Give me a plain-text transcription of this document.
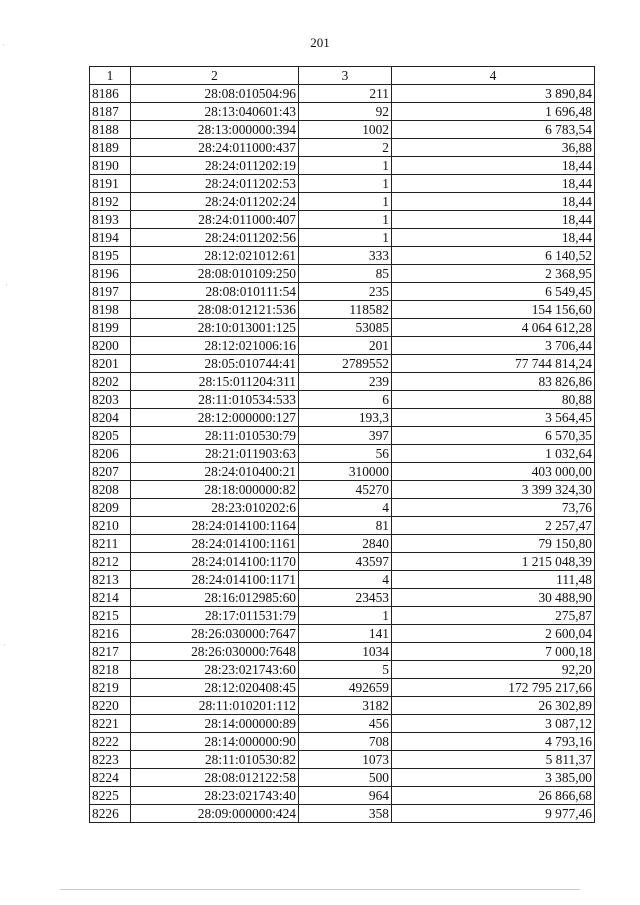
201
1	2	3	4
8186	28:08:010504:96	211	3 890,84
8187	28:13:040601:43	92	1 696,48
8188	28:13:000000:394	1002	6 783,54
8189	28:24:011000:437	2	36,88
8190	28:24:011202:19	1	18,44
8191	28:24:011202:53	1	18,44
8192	28:24:011202:24	1	18,44
8193	28:24:011000:407	1	18,44
8194	28:24:011202:56	1	18,44
8195	28:12:021012:61	333	6 140,52
8196	28:08:010109:250	85	2 368,95
8197	28:08:010111:54	235	6 549,45
8198	28:08:012121:536	118582	154 156,60
8199	28:10:013001:125	53085	4 064 612,28
8200	28:12:021006:16	201	3 706,44
8201	28:05:010744:41	2789552	77 744 814,24
8202	28:15:011204:311	239	83 826,86
8203	28:11:010534:533	6	80,88
8204	28:12:000000:127	193,3	3 564,45
8205	28:11:010530:79	397	6 570,35
8206	28:21:011903:63	56	1 032,64
8207	28:24:010400:21	310000	403 000,00
8208	28:18:000000:82	45270	3 399 324,30
8209	28:23:010202:6	4	73,76
8210	28:24:014100:1164	81	2 257,47
8211	28:24:014100:1161	2840	79 150,80
8212	28:24:014100:1170	43597	1 215 048,39
8213	28:24:014100:1171	4	111,48
8214	28:16:012985:60	23453	30 488,90
8215	28:17:011531:79	1	275,87
8216	28:26:030000:7647	141	2 600,04
8217	28:26:030000:7648	1034	7 000,18
8218	28:23:021743:60	5	92,20
8219	28:12:020408:45	492659	172 795 217,66
8220	28:11:010201:112	3182	26 302,89
8221	28:14:000000:89	456	3 087,12
8222	28:14:000000:90	708	4 793,16
8223	28:11:010530:82	1073	5 811,37
8224	28:08:012122:58	500	3 385,00
8225	28:23:021743:40	964	26 866,68
8226	28:09:000000:424	358	9 977,46
·
·
·
